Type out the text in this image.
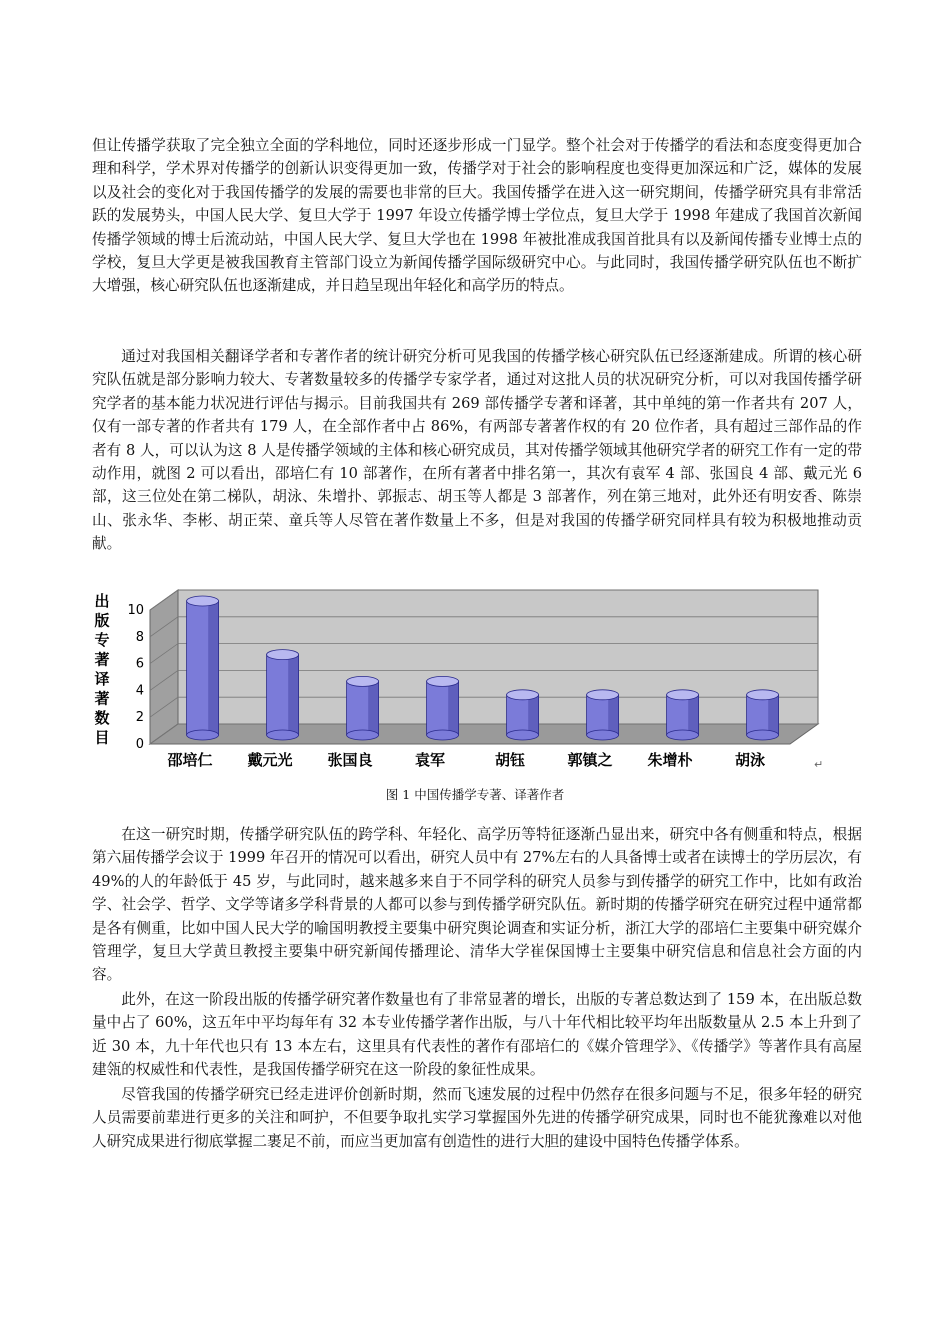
但让传播学获取了完全独立全面的学科地位，同时还逐步形成一门显学。整个社会对于传播学的看法和态度变得更加合理和科学，学术界对传播学的创新认识变得更加一致，传播学对于社会的影响程度也变得更加深远和广泛，媒体的发展以及社会的变化对于我国传播学的发展的需要也非常的巨大。我国传播学在进入这一研究期间，传播学研究具有非常活跃的发展势头，中国人民大学、复旦大学于 1997 年设立传播学博士学位点，复旦大学于 1998 年建成了我国首次新闻传播学领域的博士后流动站，中国人民大学、复旦大学也在 1998 年被批准成我国首批具有以及新闻传播专业博士点的学校，复旦大学更是被我国教育主管部门设立为新闻传播学国际级研究中心。与此同时，我国传播学研究队伍也不断扩大增强，核心研究队伍也逐渐建成，并日趋呈现出年轻化和高学历的特点。

通过对我国相关翻译学者和专著作者的统计研究分析可见我国的传播学核心研究队伍已经逐渐建成。所谓的核心研究队伍就是部分影响力较大、专著数量较多的传播学专家学者，通过对这批人员的状况研究分析，可以对我国传播学研究学者的基本能力状况进行评估与揭示。目前我国共有 269 部传播学专著和译著，其中单纯的第一作者共有 207 人，仅有一部专著的作者共有 179 人，在全部作者中占 86%，有两部专著著作权的有 20 位作者，具有超过三部作品的作者有 8 人，可以认为这 8 人是传播学领域的主体和核心研究成员，其对传播学领域其他研究学者的研究工作有一定的带动作用，就图 2 可以看出，邵培仁有 10 部著作，在所有著者中排名第一，其次有袁军 4 部、张国良 4 部、戴元光 6 部，这三位处在第二梯队，胡泳、朱增扑、郭振志、胡玉等人都是 3 部著作，列在第三地对，此外还有明安香、陈崇山、张永华、李彬、胡正荣、童兵等人尽管在著作数量上不多，但是对我国的传播学研究同样具有较为积极地推动贡献。

出
版
专
著
译
著
数
目 0
2
4
6
8
10
邵培仁 戴元光 张国良	袁军	胡钰	郭镇之 朱增朴	胡泳	↵
图 1 中国传播学专著、译著作者

在这一研究时期，传播学研究队伍的跨学科、年轻化、高学历等特征逐渐凸显出来，研究中各有侧重和特点，根据第六届传播学会议于 1999 年召开的情况可以看出，研究人员中有 27%左右的人具备博士或者在读博士的学历层次，有 49%的人的年龄低于 45 岁，与此同时，越来越多来自于不同学科的研究人员参与到传播学的研究工作中，比如有政治学、社会学、哲学、文学等诸多学科背景的人都可以参与到传播学研究队伍。新时期的传播学研究在研究过程中通常都是各有侧重，比如中国人民大学的喻国明教授主要集中研究舆论调查和实证分析，浙江大学的邵培仁主要集中研究媒介管理学，复旦大学黄旦教授主要集中研究新闻传播理论、清华大学崔保国博士主要集中研究信息和信息社会方面的内容。

此外，在这一阶段出版的传播学研究著作数量也有了非常显著的增长，出版的专著总数达到了 159 本，在出版总数量中占了 60%，这五年中平均每年有 32 本专业传播学著作出版，与八十年代相比较平均年出版数量从 2.5 本上升到了近 30 本，九十年代也只有 13 本左右，这里具有代表性的著作有邵培仁的《媒介管理学》、《传播学》等著作具有高屋建瓴的权威性和代表性，是我国传播学研究在这一阶段的象征性成果。

尽管我国的传播学研究已经走进评价创新时期，然而飞速发展的过程中仍然存在很多问题与不足，很多年轻的研究人员需要前辈进行更多的关注和呵护，不但要争取扎实学习掌握国外先进的传播学研究成果，同时也不能犹豫难以对他人研究成果进行彻底掌握二裹足不前，而应当更加富有创造性的进行大胆的建设中国特色传播学体系。
